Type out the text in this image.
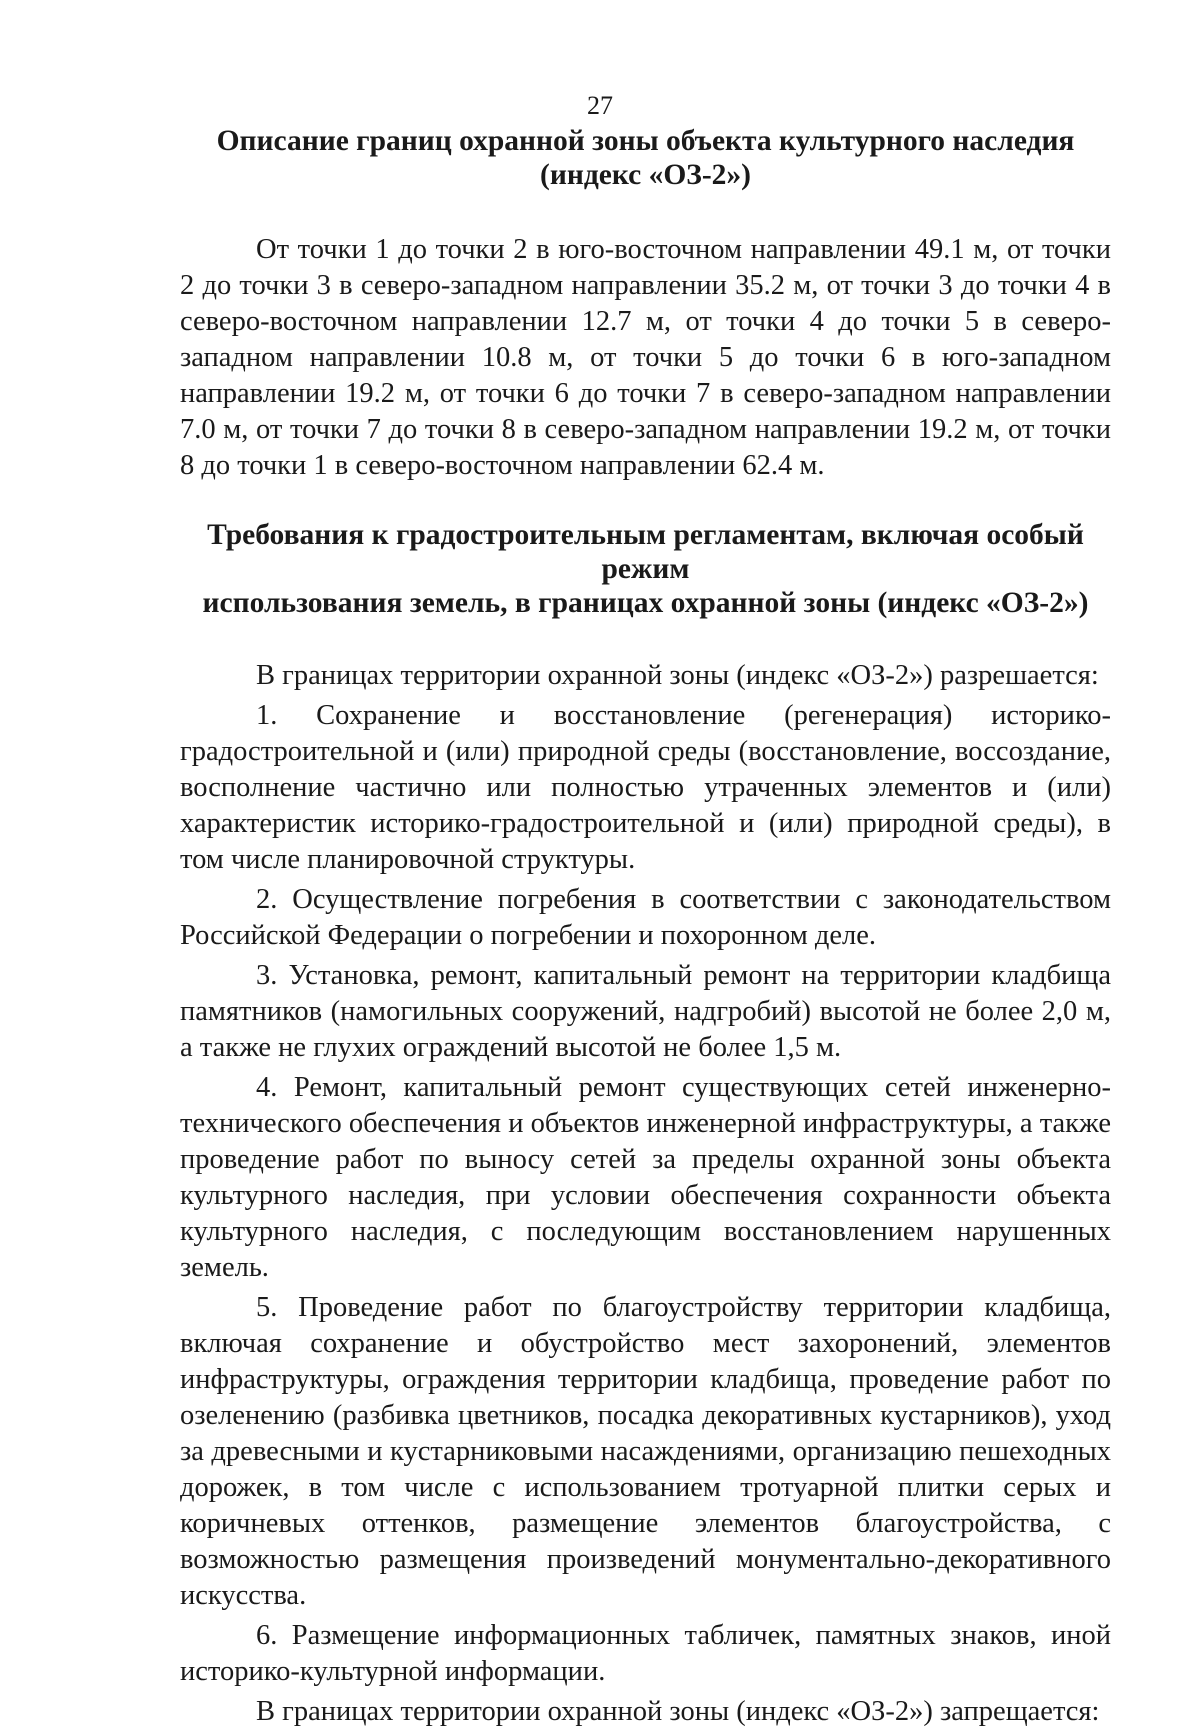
27
Описание границ охранной зоны объекта культурного наследия
(индекс «ОЗ-2»)

От точки 1 до точки 2 в юго-восточном направлении 49.1 м, от точки 2 до точки 3 в северо-западном направлении 35.2 м, от точки 3 до точки 4 в северо-восточном направлении 12.7 м, от точки 4 до точки 5 в северо-западном направлении 10.8 м, от точки 5 до точки 6 в юго-западном направлении 19.2 м, от точки 6 до точки 7 в северо-западном направлении 7.0 м, от точки 7 до точки 8 в северо-западном направлении 19.2 м, от точки 8 до точки 1 в северо-восточном направлении 62.4 м.

Требования к градостроительным регламентам, включая особый режим
использования земель, в границах охранной зоны (индекс «ОЗ-2»)

В границах территории охранной зоны (индекс «ОЗ-2») разрешается:

1. Сохранение и восстановление (регенерация) историко-градостроительной и (или) природной среды (восстановление, воссоздание, восполнение частично или полностью утраченных элементов и (или) характеристик историко-градостроительной и (или) природной среды), в том числе планировочной структуры.

2. Осуществление погребения в соответствии с законодательством Российской Федерации о погребении и похоронном деле.

3. Установка, ремонт, капитальный ремонт на территории кладбища памятников (намогильных сооружений, надгробий) высотой не более 2,0 м, а также не глухих ограждений высотой не более 1,5 м.

4. Ремонт, капитальный ремонт существующих сетей инженерно-технического обеспечения и объектов инженерной инфраструктуры, а также проведение работ по выносу сетей за пределы охранной зоны объекта культурного наследия, при условии обеспечения сохранности объекта культурного наследия, с последующим восстановлением нарушенных земель.

5. Проведение работ по благоустройству территории кладбища, включая сохранение и обустройство мест захоронений, элементов инфраструктуры, ограждения территории кладбища, проведение работ по озеленению (разбивка цветников, посадка декоративных кустарников), уход за древесными и кустарниковыми насаждениями, организацию пешеходных дорожек, в том числе с использованием тротуарной плитки серых и коричневых оттенков, размещение элементов благоустройства, с возможностью размещения произведений монументально-декоративного искусства.

6. Размещение информационных табличек, памятных знаков, иной историко-культурной информации.

В границах территории охранной зоны (индекс «ОЗ-2») запрещается:
